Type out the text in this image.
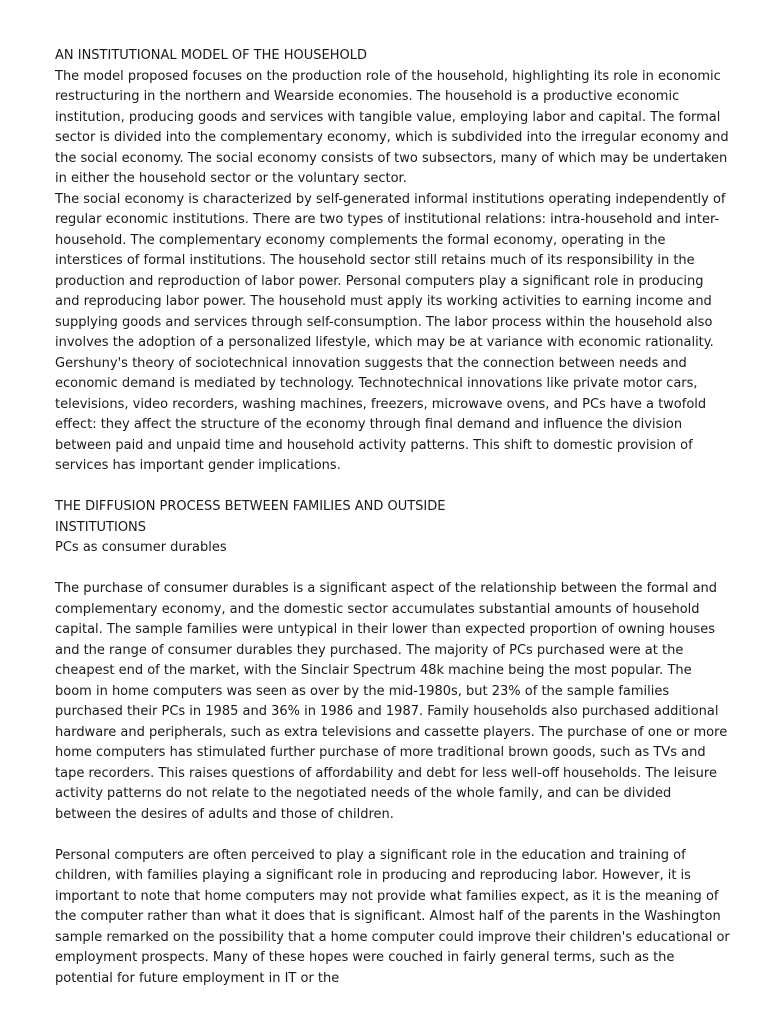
AN INSTITUTIONAL MODEL OF THE HOUSEHOLD

The model proposed focuses on the production role of the household, highlighting its role in economic restructuring in the northern and Wearside economies. The household is a productive economic institution, producing goods and services with tangible value, employing labor and capital. The formal sector is divided into the complementary economy, which is subdivided into the irregular economy and the social economy. The social economy consists of two subsectors, many of which may be undertaken in either the household sector or the voluntary sector.

The social economy is characterized by self-generated informal institutions operating independently of regular economic institutions. There are two types of institutional relations: intra-household and inter-household. The complementary economy complements the formal economy, operating in the interstices of formal institutions. The household sector still retains much of its responsibility in the production and reproduction of labor power. Personal computers play a significant role in producing and reproducing labor power. The household must apply its working activities to earning income and supplying goods and services through self-consumption. The labor process within the household also involves the adoption of a personalized lifestyle, which may be at variance with economic rationality. Gershuny's theory of sociotechnical innovation suggests that the connection between needs and economic demand is mediated by technology. Technotechnical innovations like private motor cars, televisions, video recorders, washing machines, freezers, microwave ovens, and PCs have a twofold effect: they affect the structure of the economy through final demand and influence the division between paid and unpaid time and household activity patterns. This shift to domestic provision of services has important gender implications.

THE DIFFUSION PROCESS BETWEEN FAMILIES AND OUTSIDE

INSTITUTIONS

PCs as consumer durables

The purchase of consumer durables is a significant aspect of the relationship between the formal and complementary economy, and the domestic sector accumulates substantial amounts of household capital. The sample families were untypical in their lower than expected proportion of owning houses and the range of consumer durables they purchased. The majority of PCs purchased were at the cheapest end of the market, with the Sinclair Spectrum 48k machine being the most popular. The boom in home computers was seen as over by the mid-1980s, but 23% of the sample families purchased their PCs in 1985 and 36% in 1986 and 1987. Family households also purchased additional hardware and peripherals, such as extra televisions and cassette players. The purchase of one or more home computers has stimulated further purchase of more traditional brown goods, such as TVs and tape recorders. This raises questions of affordability and debt for less well-off households. The leisure activity patterns do not relate to the negotiated needs of the whole family, and can be divided between the desires of adults and those of children.

Personal computers are often perceived to play a significant role in the education and training of children, with families playing a significant role in producing and reproducing labor. However, it is important to note that home computers may not provide what families expect, as it is the meaning of the computer rather than what it does that is significant. Almost half of the parents in the Washington sample remarked on the possibility that a home computer could improve their children's educational or employment prospects. Many of these hopes were couched in fairly general terms, such as the potential for future employment in IT or the
